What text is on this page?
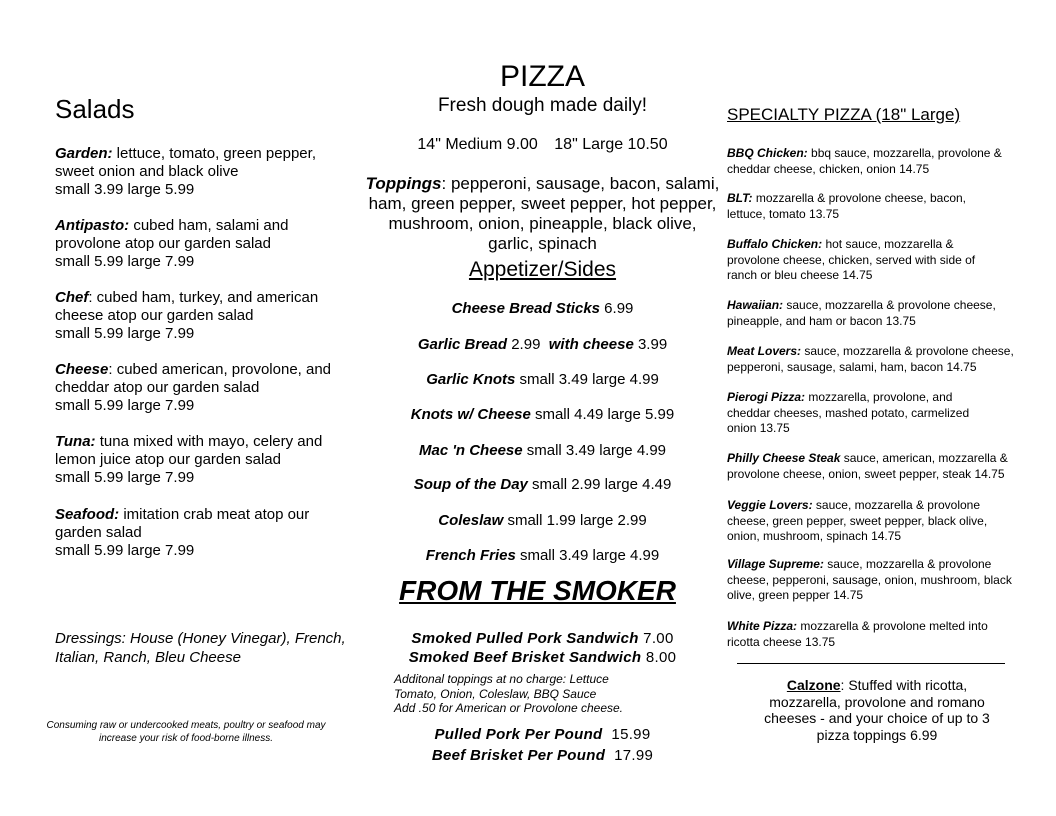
Salads
Garden: lettuce, tomato, green pepper, sweet onion and black olive
small 3.99 large 5.99
Antipasto: cubed ham, salami and provolone atop our garden salad
small 5.99 large 7.99
Chef: cubed ham, turkey, and american cheese atop our garden salad
small 5.99 large 7.99
Cheese: cubed american, provolone, and cheddar atop our garden salad
small 5.99 large 7.99
Tuna: tuna mixed with mayo, celery and lemon juice atop our garden salad
small 5.99 large 7.99
Seafood: imitation crab meat atop our garden salad
small 5.99 large 7.99
Dressings: House (Honey Vinegar), French, Italian, Ranch, Bleu Cheese
Consuming raw or undercooked meats, poultry or seafood may increase your risk of food-borne illness.
PIZZA
Fresh dough made daily!
14" Medium 9.00 18" Large 10.50
Toppings: pepperoni, sausage, bacon, salami, ham, green pepper, sweet pepper, hot pepper, mushroom, onion, pineapple, black olive, garlic, spinach
Appetizer/Sides
Cheese Bread Sticks 6.99
Garlic Bread 2.99  with cheese 3.99
Garlic Knots small 3.49 large 4.99
Knots w/ Cheese small 4.49 large 5.99
Mac 'n Cheese small 3.49 large 4.99
Soup of the Day small 2.99 large 4.49
Coleslaw small 1.99 large 2.99
French Fries small 3.49 large 4.99
FROM THE SMOKER
Smoked Pulled Pork Sandwich 7.00
Smoked Beef Brisket Sandwich 8.00
Additonal toppings at no charge: Lettuce
Tomato, Onion, Coleslaw, BBQ Sauce
Add .50 for American or Provolone cheese.
Pulled Pork Per Pound  15.99
Beef Brisket Per Pound  17.99
SPECIALTY PIZZA (18" Large)
BBQ Chicken: bbq sauce, mozzarella, provolone & cheddar cheese, chicken, onion 14.75
BLT: mozzarella & provolone cheese, bacon, lettuce, tomato 13.75
Buffalo Chicken: hot sauce, mozzarella & provolone cheese, chicken, served with side of ranch or bleu cheese 14.75
Hawaiian: sauce, mozzarella & provolone cheese, pineapple, and ham or bacon 13.75
Meat Lovers: sauce, mozzarella & provolone cheese, pepperoni, sausage, salami, ham, bacon 14.75
Pierogi Pizza: mozzarella, provolone, and cheddar cheeses, mashed potato, carmelized onion 13.75
Philly Cheese Steak sauce, american, mozzarella & provolone cheese, onion, sweet pepper, steak 14.75
Veggie Lovers: sauce, mozzarella & provolone cheese, green pepper, sweet pepper, black olive, onion, mushroom, spinach 14.75
Village Supreme: sauce, mozzarella & provolone cheese, pepperoni, sausage, onion, mushroom, black olive, green pepper 14.75
White Pizza: mozzarella & provolone melted into ricotta cheese 13.75
Calzone: Stuffed with ricotta, mozzarella, provolone and romano cheeses - and your choice of up to 3 pizza toppings 6.99
